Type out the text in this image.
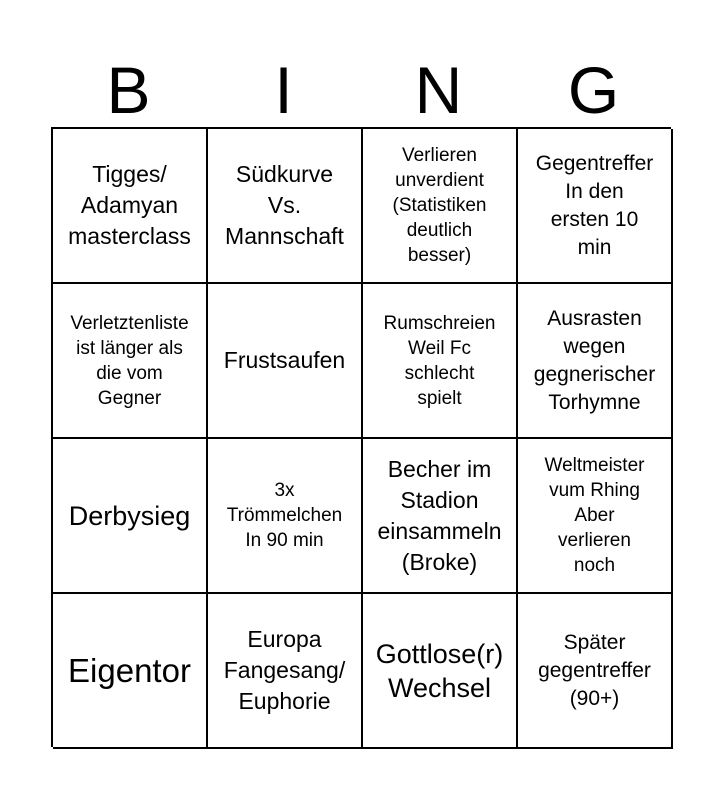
B	I	N	G
Tigges/
Adamyan
masterclass
Südkurve
Vs.
Mannschaft
Verlieren
unverdient
(Statistiken
deutlich
besser)
Gegentreffer
In den
ersten 10
min
Verletztenliste
ist länger als
die vom
Gegner
Frustsaufen
Rumschreien
Weil Fc
schlecht
spielt
Ausrasten
wegen
gegnerischer
Torhymne
Derbysieg
3x
Trömmelchen
In 90 min
Becher im
Stadion
einsammeln
(Broke)
Weltmeister
vum Rhing
Aber
verlieren
noch
Eigentor
Europa
Fangesang/
Euphorie
Gottlose(r)
Wechsel
Später
gegentreffer
(90+)
